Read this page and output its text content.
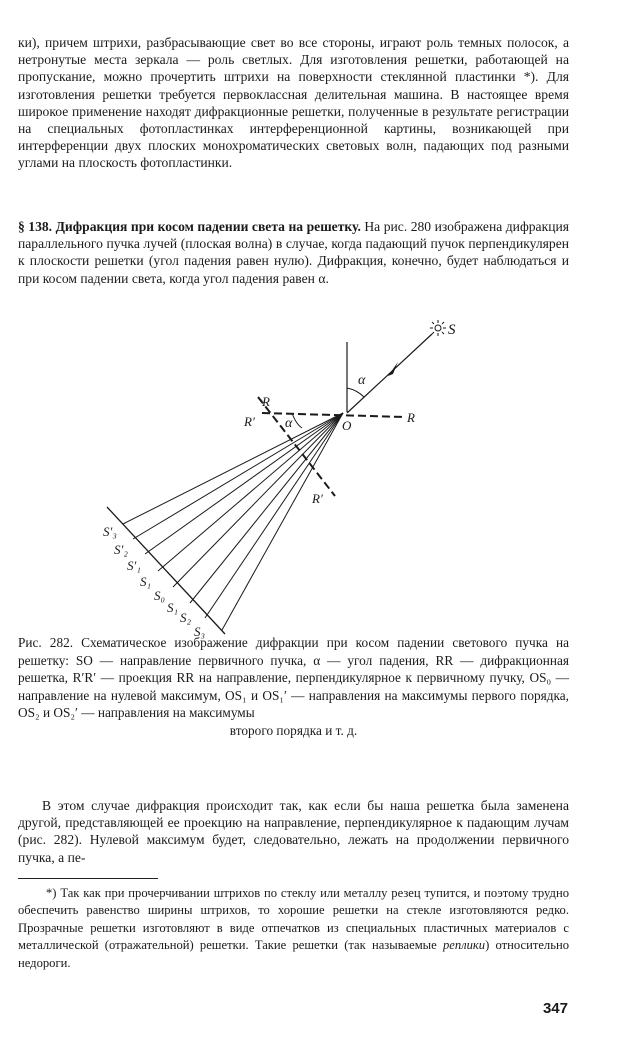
ки), причем штрихи, разбрасывающие свет во все стороны, играют роль темных полосок, а нетронутые места зеркала — роль светлых. Для изготовления решетки, работающей на пропускание, можно прочертить штрихи на поверхности стеклянной пластинки *). Для изготовления решетки требуется первоклассная делительная машина. В настоящее время широкое применение находят дифракционные решетки, полученные в результате регистрации на специальных фотопластинках интерференционной картины, возникающей при интерференции двух плоских монохроматических световых волн, падающих под разными углами на плоскость фотопластинки.

§ 138. Дифракция при косом падении света на решетку. На рис. 280 изображена дифракция параллельного пучка лучей (плоская волна) в случае, когда падающий пучок перпендикулярен к плоскости решетки (угол падения равен нулю). Дифракция, конечно, будет наблюдаться и при косом падении света, когда угол падения равен α.

S
α
α	O
R
R
R′
R′
S′₃
S′₂
S′₁
S₁
S₀
S₁
S₂
S₃

Рис. 282. Схематическое изображение дифракции при косом падении светового пучка на решетку: SO — направление первичного пучка, α — угол падения, RR — дифракционная решетка, R′R′ — проекция RR на направление, перпендикулярное к первичному пучку, OS₀ — направление на нулевой максимум, OS₁ и OS₁′ — направления на максимумы первого порядка, OS₂ и OS₂′ — направления на максимумы
второго порядка и т. д.

В этом случае дифракция происходит так, как если бы наша решетка была заменена другой, представляющей ее проекцию на направление, перпендикулярное к падающим лучам (рис. 282). Нулевой максимум будет, следовательно, лежать на продолжении первичного пучка, а пе-

*) Так как при прочерчивании штрихов по стеклу или металлу резец тупится, и поэтому трудно обеспечить равенство ширины штрихов, то хорошие решетки на стекле изготовляются редко. Прозрачные решетки изготовляют в виде отпечатков из специальных пластичных материалов с металлической (отражательной) решетки. Такие решетки (так называемые реплики) относительно недороги.

347
